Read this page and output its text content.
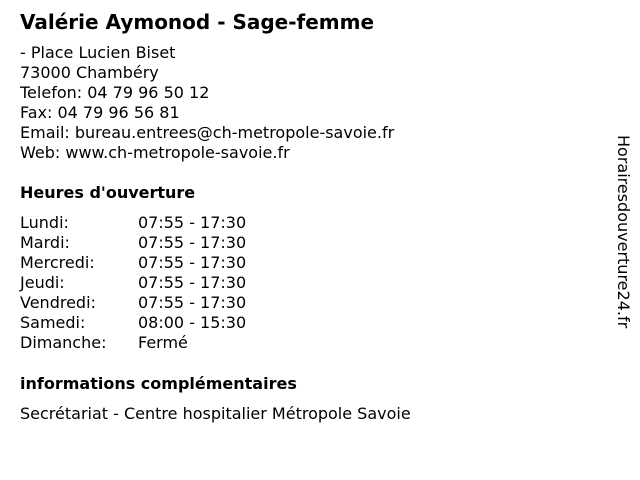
Valérie Aymonod - Sage-femme
- Place Lucien Biset
73000 Chambéry
Telefon: 04 79 96 50 12
Fax: 04 79 96 56 81
Email: bureau.entrees@ch-metropole-savoie.fr
Web: www.ch-metropole-savoie.fr
Heures d'ouverture
Lundi:	07:55 - 17:30
Mardi:	07:55 - 17:30
Mercredi:	07:55 - 17:30
Jeudi:	07:55 - 17:30
Vendredi:	07:55 - 17:30
Samedi:	08:00 - 15:30
Dimanche:	Fermé
informations complémentaires
Secrétariat - Centre hospitalier Métropole Savoie
Horairesdouverture24.fr
